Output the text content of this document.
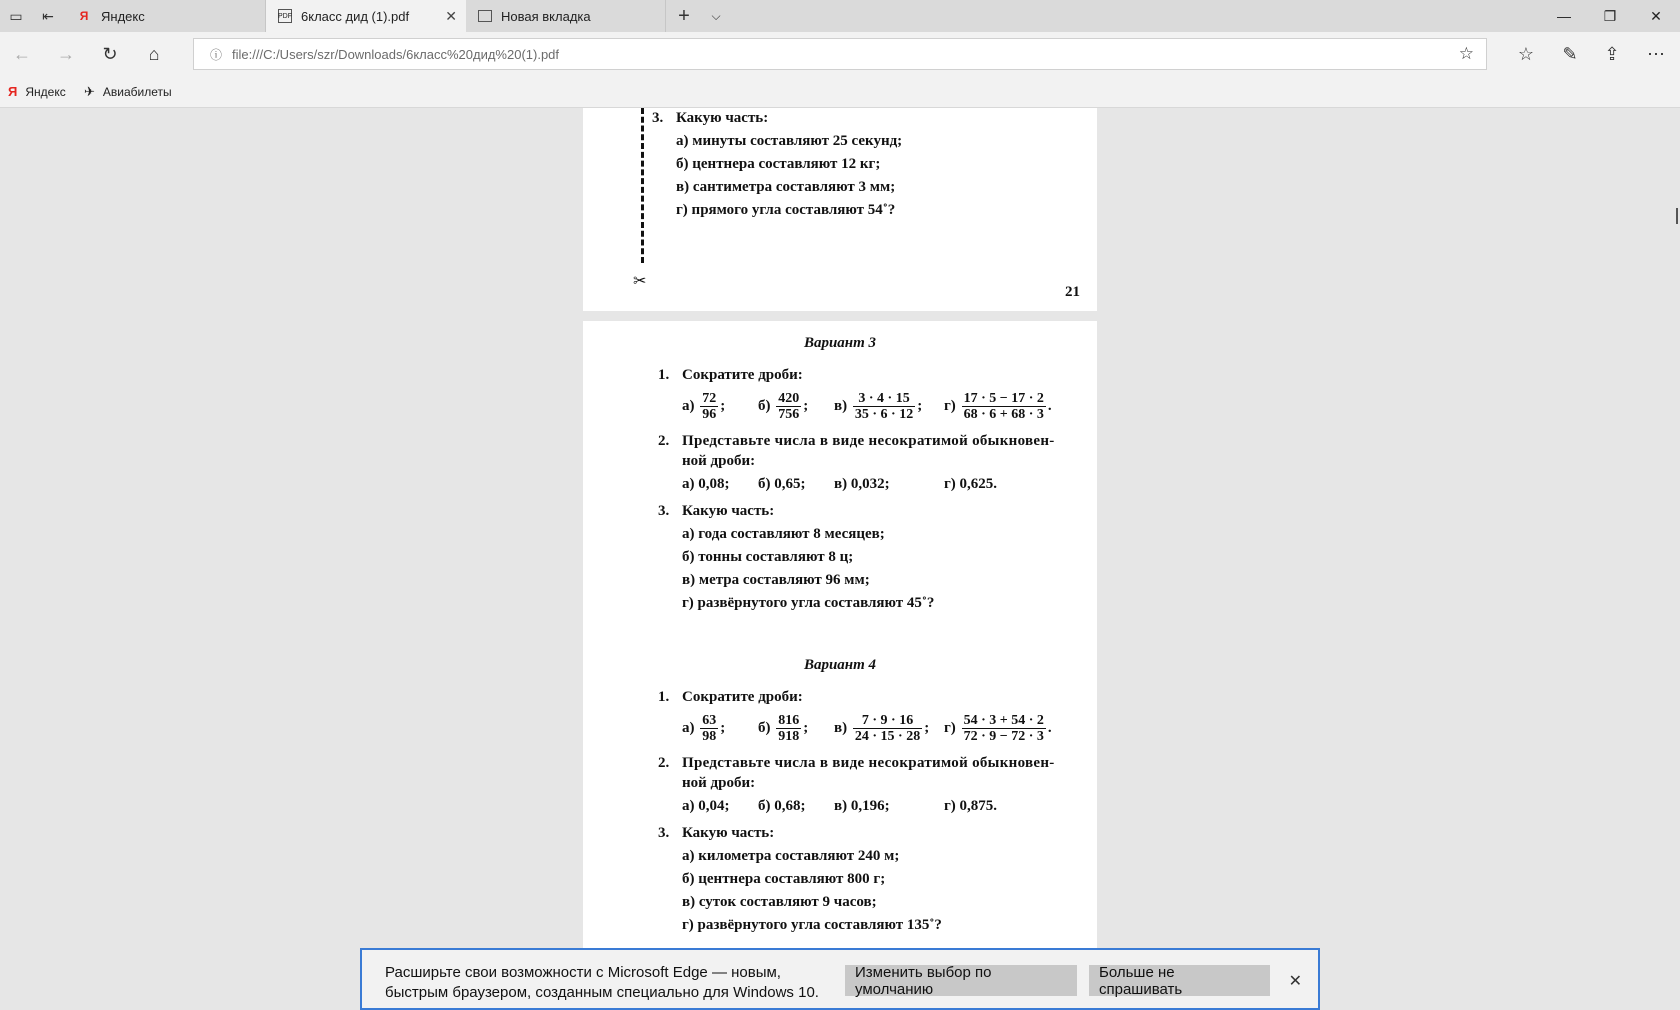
▭	⇤	Я Яндекс	PDF 6класс дид (1).pdf	✕	Новая вкладка	+	⌵	—	❐	✕
←	→	↻	⌂	ⓘ file:///C:/Users/szr/Downloads/6класс%20дид%20(1).pdf	☆	☆	✎	⇪	⋯
Я Яндекс ✈ Авиабилеты
✂
3. Какую часть:
а) минуты составляют 25 секунд;
б) центнера составляют 12 кг;
в) сантиметра составляют 3 мм;
г) прямого угла составляют 54˚?
21
Вариант 3
1. Сократите дроби:
а)
$\frac{72}{96}$ ; б)
$\frac{420}{756}$ ; в)
$\frac{3 \cdot 4 \cdot 15}{35 \cdot 6 \cdot 12}$ ; г)
$\frac{17 \cdot 5 - 17 \cdot 2}{68 \cdot 6 + 68 \cdot 3}$ .
2. Представьте числа в виде несократимой обыкновен-
ной дроби:
а) 0,08; б) 0,65; в) 0,032;	г) 0,625.
3. Какую часть:
а) года составляют 8 месяцев;
б) тонны составляют 8 ц;
в) метра составляют 96 мм;
г) развёрнутого угла составляют 45˚?
Вариант 4
1. Сократите дроби:
а)
$\frac{63}{98}$ ; б)
$\frac{816}{918}$ ; в)
$\frac{7 \cdot 9 \cdot 16}{24 \cdot 15 \cdot 28}$ ; г)
$\frac{54 \cdot 3 + 54 \cdot 2}{72 \cdot 9 - 72 \cdot 3}$ .
2. Представьте числа в виде несократимой обыкновен-
ной дроби:
а) 0,04; б) 0,68; в) 0,196;	г) 0,875.
3. Какую часть:
а) километра составляют 240 м;
б) центнера составляют 800 г;
в) суток составляют 9 часов;
г) развёрнутого угла составляют 135˚?
Расширьте свои возможности с Microsoft Edge — новым,
быстрым браузером, созданным специально для Windows 10.
Изменить выбор по умолчанию
Больше не спрашивать	✕
